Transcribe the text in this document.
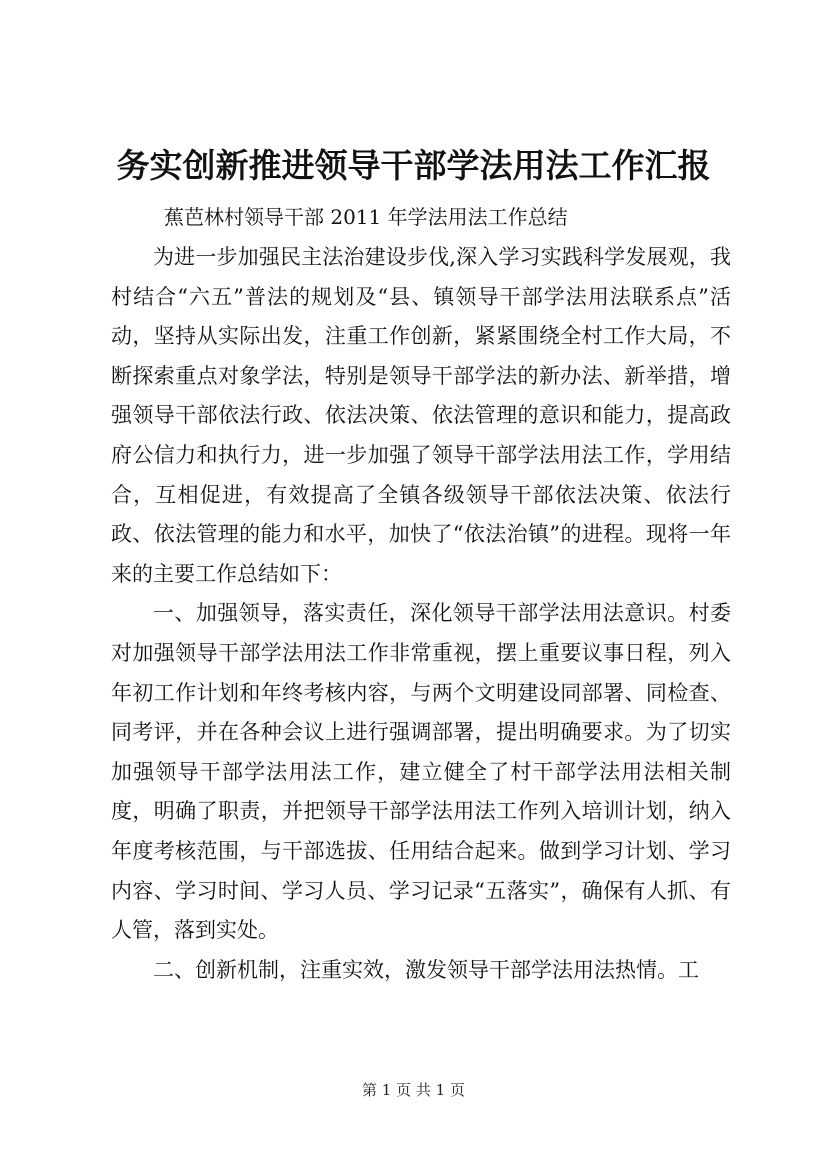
务实创新推进领导干部学法用法工作汇报

蕉芭林村领导干部 2011 年学法用法工作总结

为进一步加强民主法治建设步伐,深入学习实践科学发展观，我村结合“六五”普法的规划及“县、镇领导干部学法用法联系点”活动，坚持从实际出发，注重工作创新，紧紧围绕全村工作大局，不断探索重点对象学法，特别是领导干部学法的新办法、新举措，增强领导干部依法行政、依法决策、依法管理的意识和能力，提高政府公信力和执行力，进一步加强了领导干部学法用法工作，学用结合，互相促进，有效提高了全镇各级领导干部依法决策、依法行政、依法管理的能力和水平，加快了“依法治镇”的进程。现将一年来的主要工作总结如下：

一、加强领导，落实责任，深化领导干部学法用法意识。村委对加强领导干部学法用法工作非常重视，摆上重要议事日程，列入年初工作计划和年终考核内容，与两个文明建设同部署、同检查、同考评，并在各种会议上进行强调部署，提出明确要求。为了切实加强领导干部学法用法工作，建立健全了村干部学法用法相关制度，明确了职责，并把领导干部学法用法工作列入培训计划，纳入年度考核范围，与干部选拔、任用结合起来。做到学习计划、学习内容、学习时间、学习人员、学习记录“五落实”，确保有人抓、有人管，落到实处。

二、创新机制，注重实效，激发领导干部学法用法热情。工

第 1 页 共 1 页
